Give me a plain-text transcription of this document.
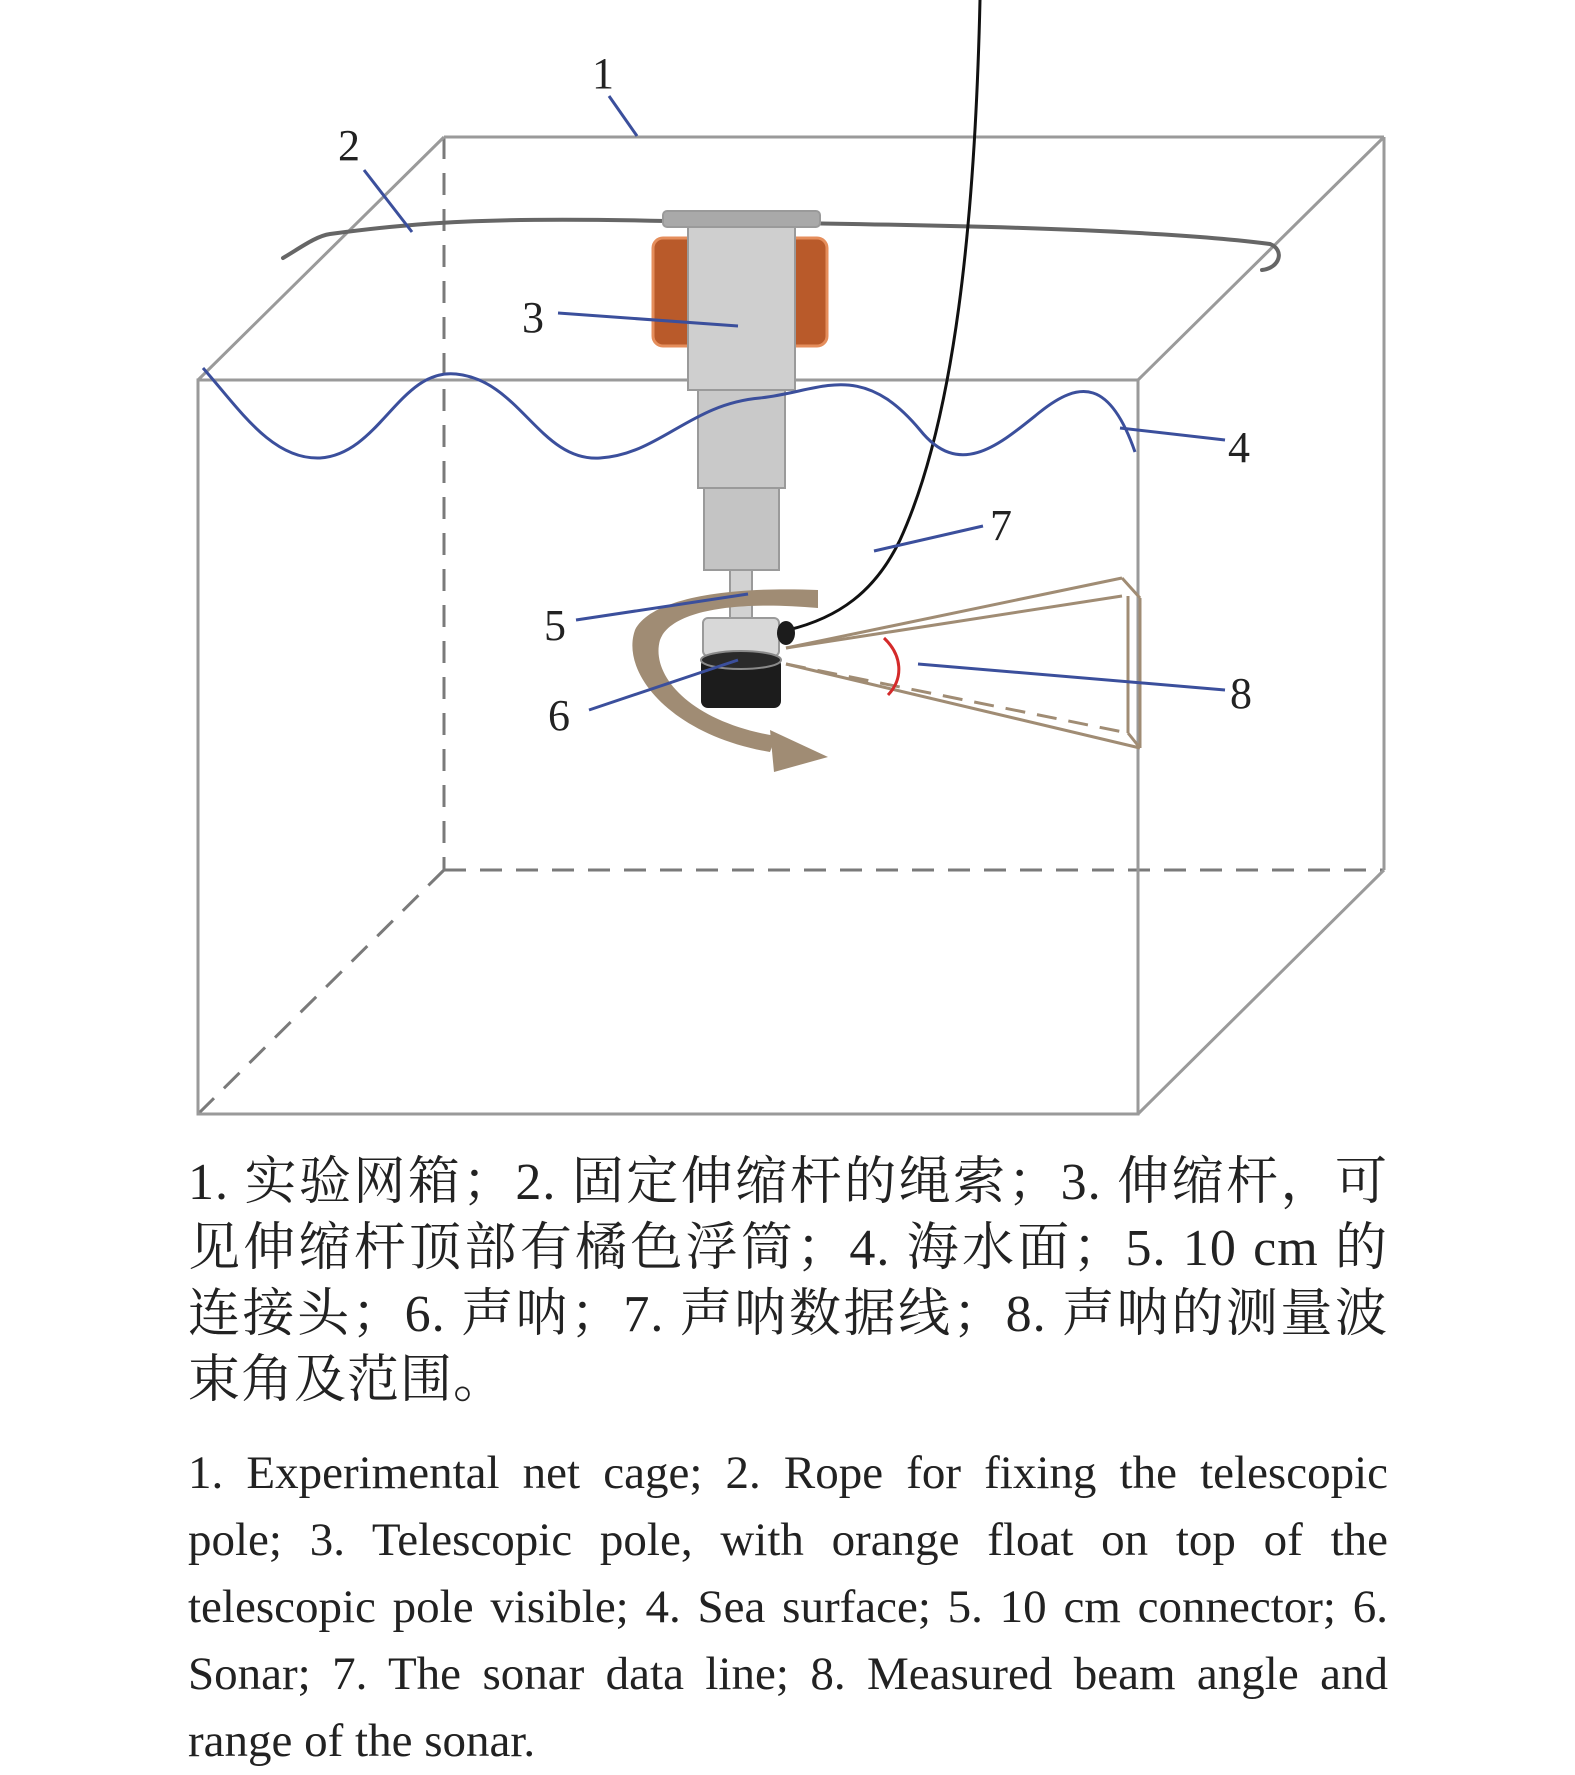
1
2
3
4
5
6
7
8
1. 实验网箱；2. 固定伸缩杆的绳索；3. 伸缩杆，可见伸缩杆顶部有橘色浮筒；4. 海水面；5. 10 cm 的连接头；6. 声呐；7. 声呐数据线；8. 声呐的测量波束角及范围。
1. Experimental net cage; 2. Rope for fixing the telescopic pole; 3. Telescopic pole, with orange float on top of the telescopic pole visible; 4. Sea surface; 5. 10 cm connector; 6. Sonar; 7. The sonar data line; 8. Measured beam angle and range of the sonar.
